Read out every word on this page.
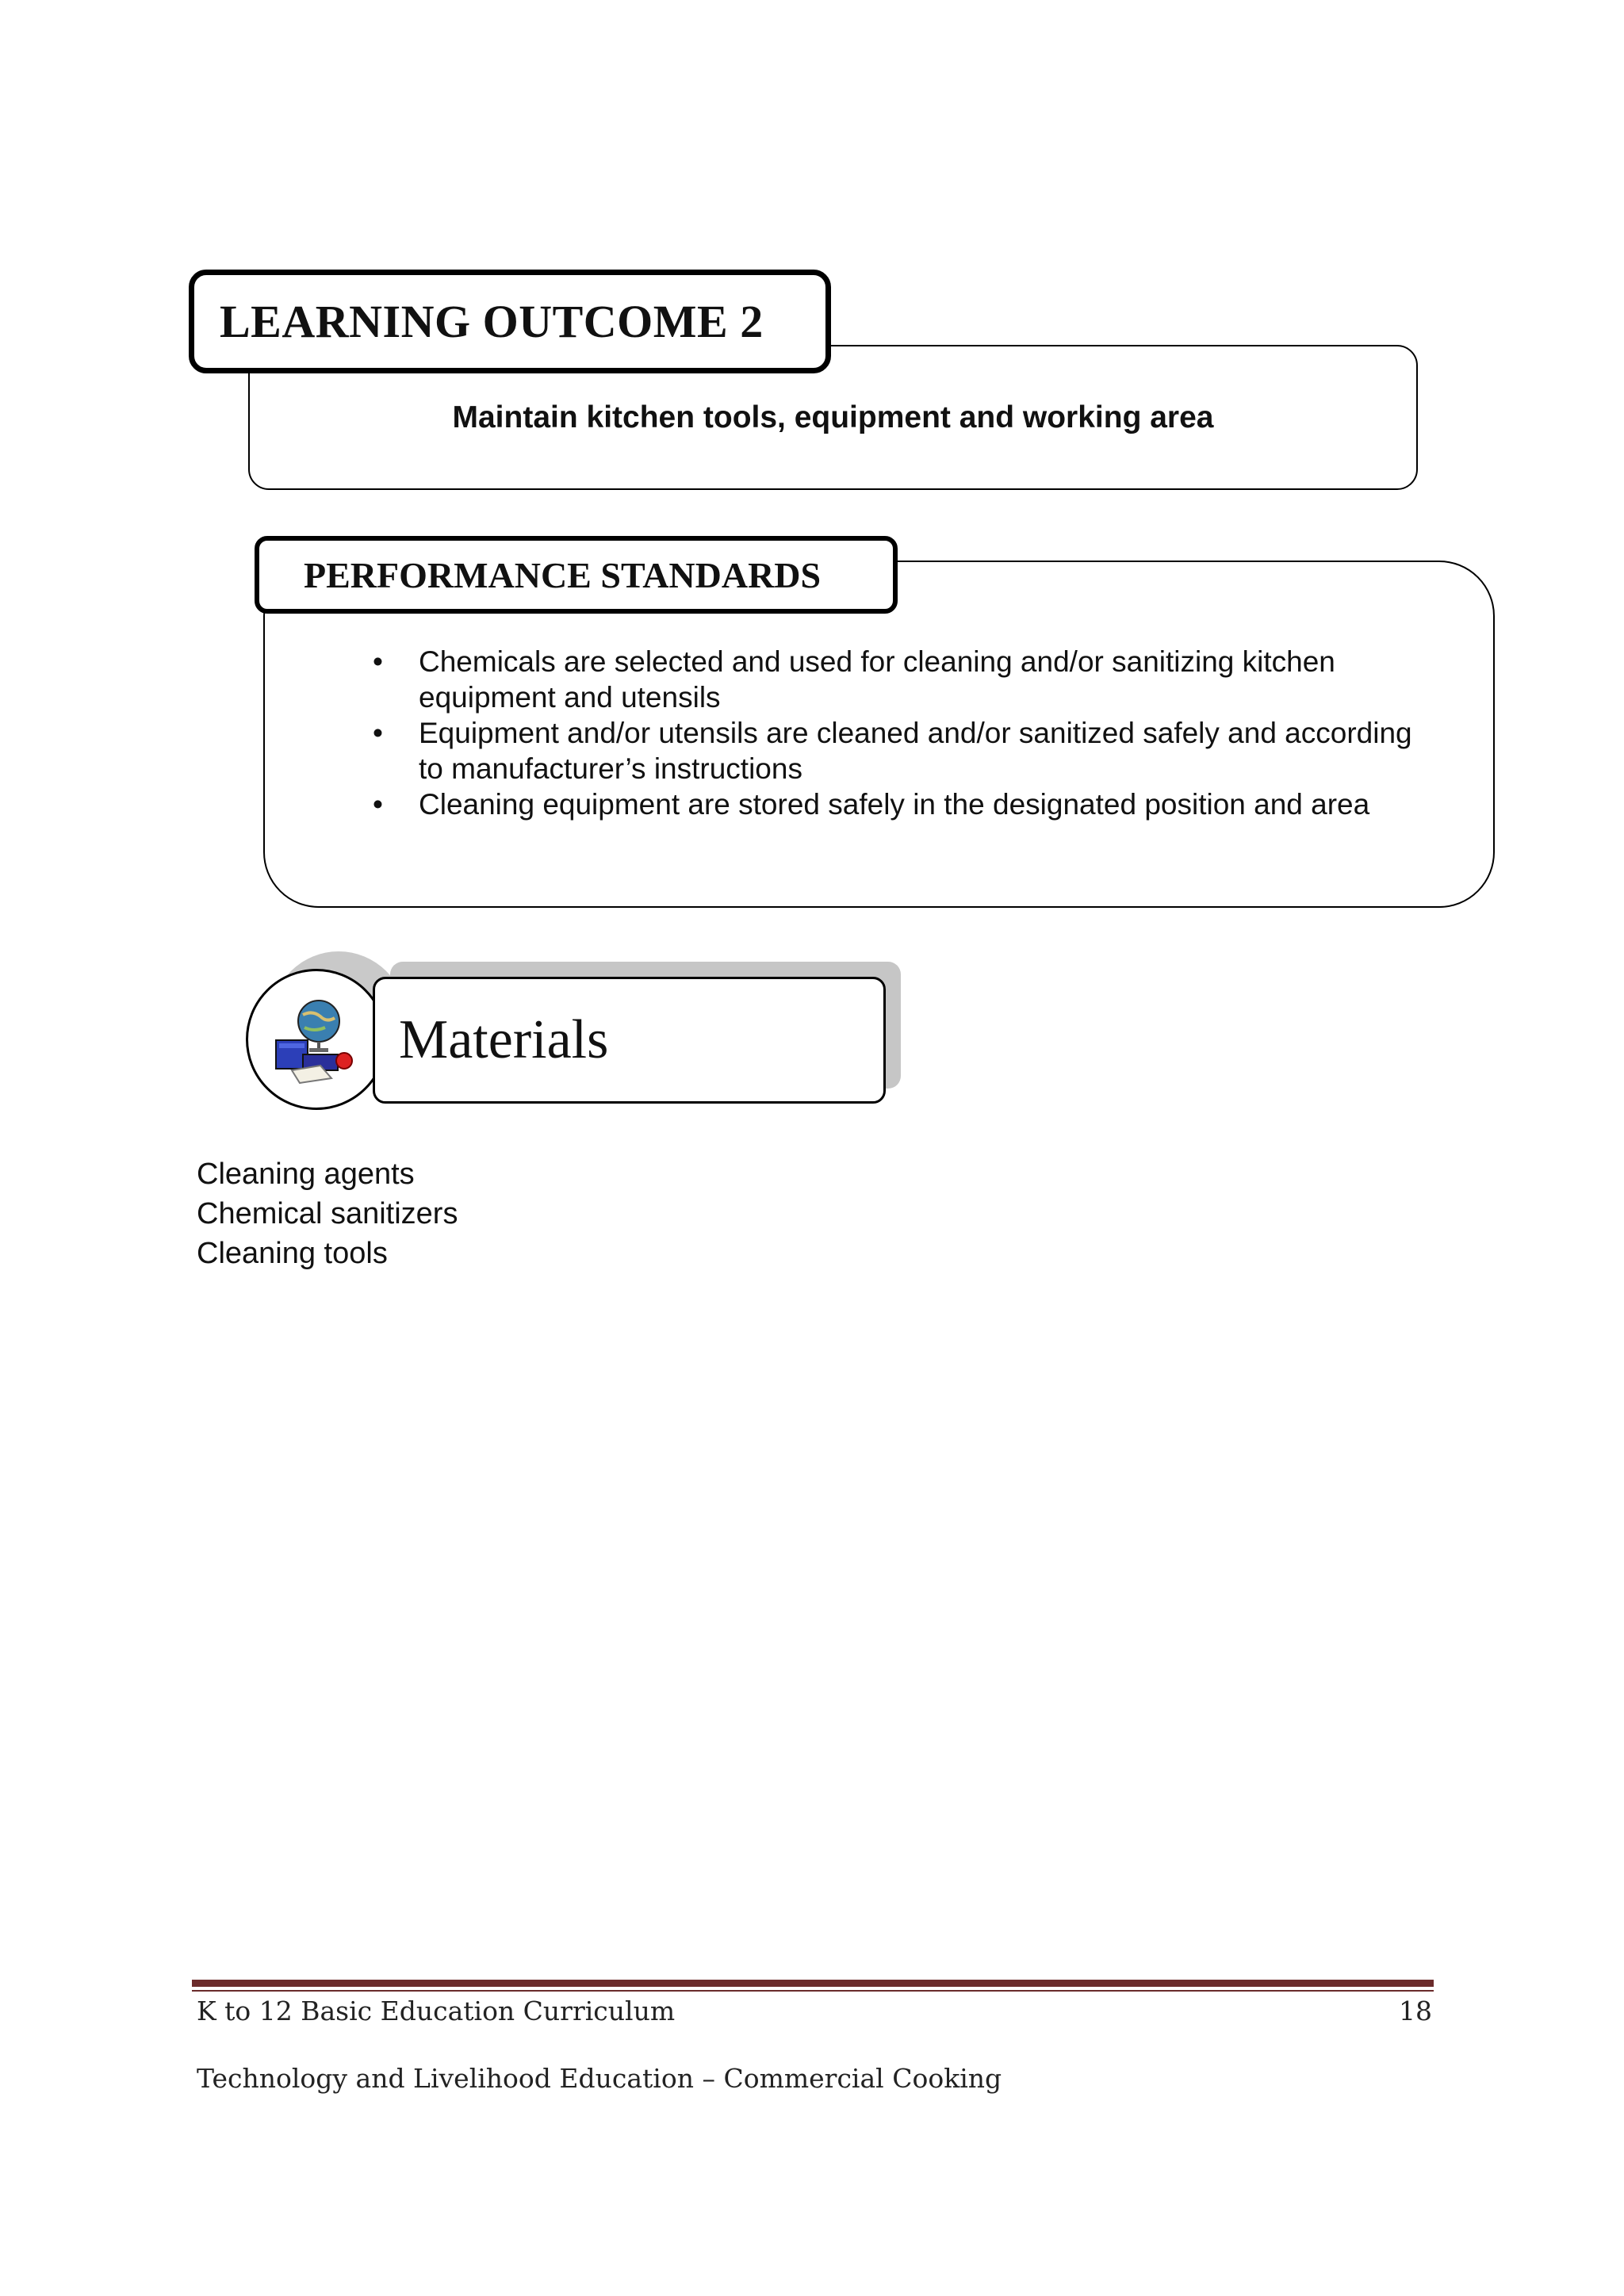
LEARNING OUTCOME 2
Maintain kitchen tools, equipment and working area
PERFORMANCE STANDARDS
• Chemicals are selected and used for cleaning and/or sanitizing kitchen
equipment and utensils
• Equipment and/or utensils are cleaned and/or sanitized safely and according
to manufacturer’s instructions
• Cleaning equipment are stored safely in the designated position and area
Materials
Cleaning agents
Chemical sanitizers
Cleaning tools
K to 12 Basic Education Curriculum	18
Technology and Livelihood Education – Commercial Cooking
